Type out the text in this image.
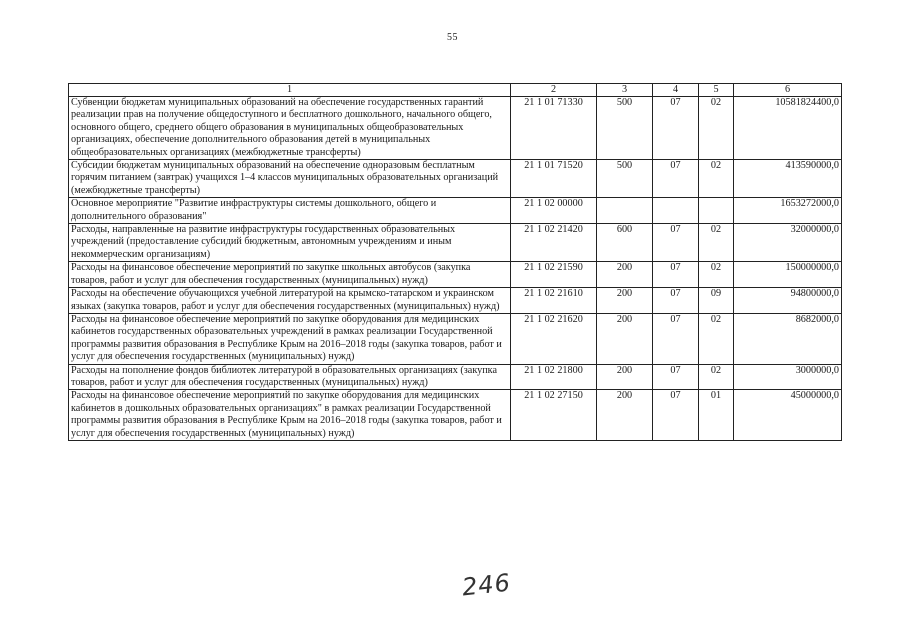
55
1	2	3	4	5	6
Субвенции бюджетам муниципальных образований на обеспечение государственных гарантий реализации прав на получение общедоступного и бесплатного дошкольного, начального общего, основного общего, среднего общего образования в муниципальных общеобразовательных организациях, обеспечение дополнительного образования детей в муниципальных общеобразовательных организациях (межбюджетные трансферты)	21 1 01 71330	500	07	02	10581824400,0
Субсидии бюджетам муниципальных образований на обеспечение одноразовым бесплатным горячим питанием (завтрак) учащихся 1–4 классов муниципальных образовательных организаций (межбюджетные трансферты)	21 1 01 71520	500	07	02	413590000,0
Основное мероприятие "Развитие инфраструктуры системы дошкольного, общего и дополнительного образования"	21 1 02 00000				1653272000,0
Расходы, направленные на развитие инфраструктуры государственных образовательных учреждений (предоставление субсидий бюджетным, автономным учреждениям и иным некоммерческим организациям)	21 1 02 21420	600	07	02	32000000,0
Расходы на финансовое обеспечение мероприятий по закупке школьных автобусов (закупка товаров, работ и услуг для обеспечения государственных (муниципальных) нужд)	21 1 02 21590	200	07	02	150000000,0
Расходы на обеспечение обучающихся учебной литературой на крымско-татарском и украинском языках (закупка товаров, работ и услуг для обеспечения государственных (муниципальных) нужд)	21 1 02 21610	200	07	09	94800000,0
Расходы на финансовое обеспечение мероприятий по закупке оборудования для медицинских кабинетов государственных образовательных учреждений в рамках реализации Государственной программы развития образования в Республике Крым на 2016–2018 годы (закупка товаров, работ и услуг для обеспечения государственных (муниципальных) нужд)	21 1 02 21620	200	07	02	8682000,0
Расходы на пополнение фондов библиотек литературой в образовательных организациях (закупка товаров, работ и услуг для обеспечения государственных (муниципальных) нужд)	21 1 02 21800	200	07	02	3000000,0
Расходы на финансовое обеспечение мероприятий по закупке оборудования для медицинских кабинетов в дошкольных образовательных организациях" в рамках реализации Государственной программы развития образования в Республике Крым на 2016–2018 годы (закупка товаров, работ и услуг для обеспечения государственных (муниципальных) нужд)	21 1 02 27150	200	07	01	45000000,0
246
